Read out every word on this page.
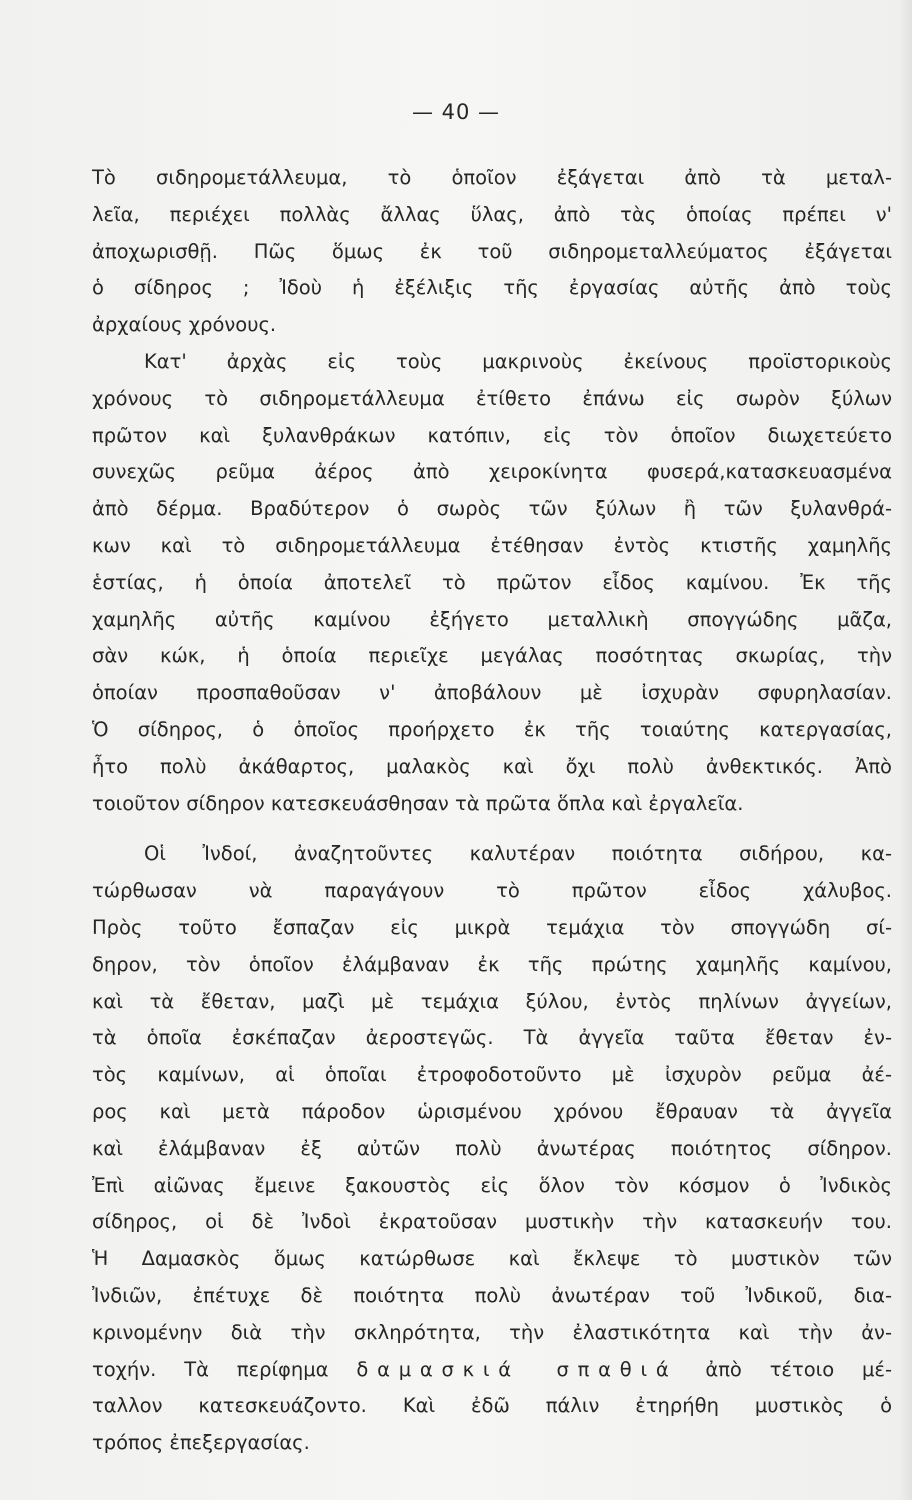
— 40 —
Τὸ σιδηρομετάλλευμα, τὸ ὁποῖον ἐξάγεται ἀπὸ τὰ μεταλ-
λεῖα, περιέχει πολλὰς ἄλλας ὕλας, ἀπὸ τὰς ὁποίας πρέπει ν'
ἀποχωρισθῇ. Πῶς ὅμως ἐκ τοῦ σιδηρομεταλλεύματος ἐξάγεται
ὁ σίδηρος ; Ἰδοὺ ἡ ἐξέλιξις τῆς ἐργασίας αὐτῆς ἀπὸ τοὺς
ἀρχαίους χρόνους.
Κατ' ἀρχὰς εἰς τοὺς μακρινοὺς ἐκείνους προϊστορικοὺς
χρόνους τὸ σιδηρομετάλλευμα ἐτίθετο ἐπάνω εἰς σωρὸν ξύλων
πρῶτον καὶ ξυλανθράκων κατόπιν, εἰς τὸν ὁποῖον διωχετεύετο
συνεχῶς ρεῦμα ἀέρος ἀπὸ χειροκίνητα φυσερά,κατασκευασμένα
ἀπὸ δέρμα. Βραδύτερον ὁ σωρὸς τῶν ξύλων ἢ τῶν ξυλανθρά-
κων καὶ τὸ σιδηρομετάλλευμα ἐτέθησαν ἐντὸς κτιστῆς χαμηλῆς
ἑστίας, ἡ ὁποία ἀποτελεῖ τὸ πρῶτον εἶδος καμίνου. Ἐκ τῆς
χαμηλῆς αὐτῆς καμίνου ἐξήγετο μεταλλικὴ σπογγώδης μᾶζα,
σὰν κώκ, ἡ ὁποία περιεῖχε μεγάλας ποσότητας σκωρίας, τὴν
ὁποίαν προσπαθοῦσαν ν' ἀποβάλουν μὲ ἰσχυρὰν σφυρηλασίαν.
Ὁ σίδηρος, ὁ ὁποῖος προήρχετο ἐκ τῆς τοιαύτης κατεργασίας,
ἦτο πολὺ ἀκάθαρτος, μαλακὸς καὶ ὄχι πολὺ ἀνθεκτικός. Ἀπὸ
τοιοῦτον σίδηρον κατεσκευάσθησαν τὰ πρῶτα ὅπλα καὶ ἐργαλεῖα.
Οἱ Ἰνδοί, ἀναζητοῦντες καλυτέραν ποιότητα σιδήρου, κα-
τώρθωσαν νὰ παραγάγουν τὸ πρῶτον εἶδος χάλυβος.
Πρὸς τοῦτο ἔσπαζαν εἰς μικρὰ τεμάχια τὸν σπογγώδη σί-
δηρον, τὸν ὁποῖον ἐλάμβαναν ἐκ τῆς πρώτης χαμηλῆς καμίνου,
καὶ τὰ ἔθεταν, μαζὶ μὲ τεμάχια ξύλου, ἐντὸς πηλίνων ἀγγείων,
τὰ ὁποῖα ἐσκέπαζαν ἀεροστεγῶς. Τὰ ἀγγεῖα ταῦτα ἔθεταν ἐν-
τὸς καμίνων, αἱ ὁποῖαι ἐτροφοδοτοῦντο μὲ ἰσχυρὸν ρεῦμα ἀέ-
ρος καὶ μετὰ πάροδον ὡρισμένου χρόνου ἔθραυαν τὰ ἀγγεῖα
καὶ ἐλάμβαναν ἐξ αὐτῶν πολὺ ἀνωτέρας ποιότητος σίδηρον.
Ἐπὶ αἰῶνας ἔμεινε ξακουστὸς εἰς ὅλον τὸν κόσμον ὁ Ἰνδικὸς
σίδηρος, οἱ δὲ Ἰνδοὶ ἐκρατοῦσαν μυστικὴν τὴν κατασκευήν του.
Ἡ Δαμασκὸς ὅμως κατώρθωσε καὶ ἔκλεψε τὸ μυστικὸν τῶν
Ἰνδιῶν, ἐπέτυχε δὲ ποιότητα πολὺ ἀνωτέραν τοῦ Ἰνδικοῦ, δια-
κρινομένην διὰ τὴν σκληρότητα, τὴν ἐλαστικότητα καὶ τὴν ἀν-
τοχήν. Τὰ περίφημα δαμασκιά σπαθιά ἀπὸ τέτοιο μέ-
ταλλον κατεσκευάζοντο. Καὶ ἐδῶ πάλιν ἐτηρήθη μυστικὸς ὁ
τρόπος ἐπεξεργασίας.
